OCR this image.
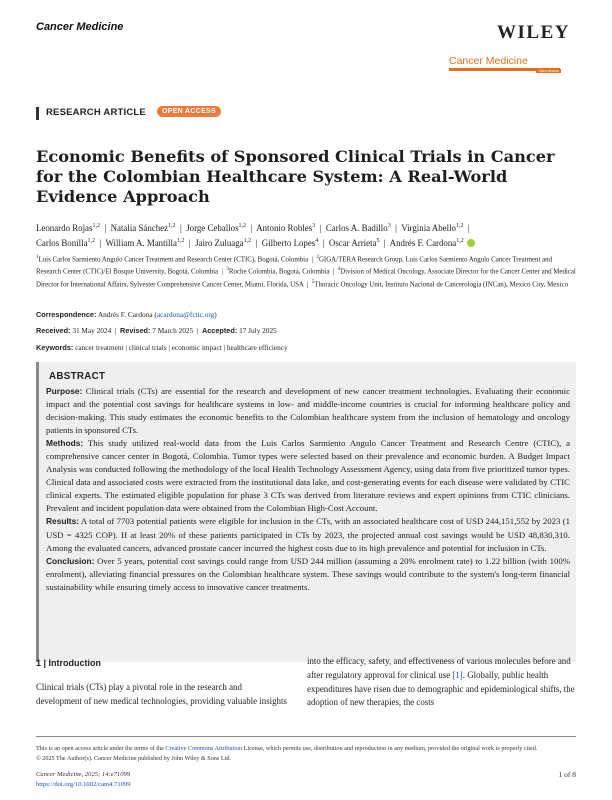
Cancer Medicine	WILEY
Cancer Medicine
Open Access
RESEARCH ARTICLE	OPEN ACCESS
Economic Benefits of Sponsored Clinical Trials in Cancer for the Colombian Healthcare System: A Real-World Evidence Approach
Leonardo Rojas$^{1,2}$  |  Natalia Sánchez$^{1,2}$  |  Jorge Ceballos$^{1,2}$  |  Antonio Robles$^3$  |  Carlos A. Badillo$^3$  |  Virginia Abello$^{1,2}$  |
Carlos Bonilla$^{1,2}$  |  William A. Mantilla$^{1,2}$  |  Jairo Zuluaga$^{1,2}$  |  Gilberto Lopes$^4$  |  Oscar Arrieta$^5$  |  Andrés F. Cardona$^{1,2}$
$^1$Luis Carlos Sarmiento Angulo Cancer Treatment and Research Center (CTIC), Bogotá, Colombia  |  $^2$GIGA/TERA Research Group, Luis Carlos Sarmiento Angulo Cancer Treatment and Research Center (CTIC)/El Bosque University, Bogotá, Colombia  |  $^3$Roche Colombia, Bogotá, Colombia  |  $^4$Division of Medical Oncology, Associate Director for the Cancer Center and Medical Director for International Affairs, Sylvester Comprehensive Cancer Center, Miami, Florida, USA  |  $^5$Thoracic Oncology Unit, Instituto Nacional de Cancerología (INCan), Mexico City, Mexico
Correspondence: Andrés F. Cardona (acardona@fctic.org)
Received: 31 May 2024  |  Revised: 7 March 2025  |  Accepted: 17 July 2025
Keywords: cancer treatment | clinical trials | economic impact | healthcare efficiency
ABSTRACT

Purpose: Clinical trials (CTs) are essential for the research and development of new cancer treatment technologies. Evaluating their economic impact and the potential cost savings for healthcare systems in low- and middle-income countries is crucial for informing healthcare policy and decision-making. This study estimates the economic benefits to the Colombian healthcare system from the inclusion of hematology and oncology patients in sponsored CTs.

Methods: This study utilized real-world data from the Luis Carlos Sarmiento Angulo Cancer Treatment and Research Centre (CTIC), a comprehensive cancer center in Bogotá, Colombia. Tumor types were selected based on their prevalence and economic burden. A Budget Impact Analysis was conducted following the methodology of the local Health Technology Assessment Agency, using data from five prioritized tumor types. Clinical data and associated costs were extracted from the institutional data lake, and cost-generating events for each disease were validated by CTIC clinical experts. The estimated eligible population for phase 3 CTs was derived from literature reviews and expert opinions from CTIC clinicians. Prevalent and incident population data were obtained from the Colombian High-Cost Account.

Results: A total of 7703 potential patients were eligible for inclusion in the CTs, with an associated healthcare cost of USD 244,151,552 by 2023 (1 USD = 4325 COP). If at least 20% of these patients participated in CTs by 2023, the projected annual cost savings would be USD 48,830,310. Among the evaluated cancers, advanced prostate cancer incurred the highest costs due to its high prevalence and potential for inclusion in CTs.

Conclusion: Over 5 years, potential cost savings could range from USD 244 million (assuming a 20% enrolment rate) to 1.22 billion (with 100% enrolment), alleviating financial pressures on the Colombian healthcare system. These savings would contribute to the system's long-term financial sustainability while ensuring timely access to innovative cancer treatments.

1 | Introduction
Clinical trials (CTs) play a pivotal role in the research and development of new medical technologies, providing valuable insights
into the efficacy, safety, and effectiveness of various molecules before and after regulatory approval for clinical use [1]. Globally, public health expenditures have risen due to demographic and epidemiological shifts, the adoption of new therapies, the costs
This is an open access article under the terms of the Creative Commons Attribution License, which permits use, distribution and reproduction in any medium, provided the original work is properly cited.
© 2025 The Author(s). Cancer Medicine published by John Wiley & Sons Ltd.
Cancer Medicine, 2025; 14:e71099
https://doi.org/10.1002/cam4.71099
1 of 8
